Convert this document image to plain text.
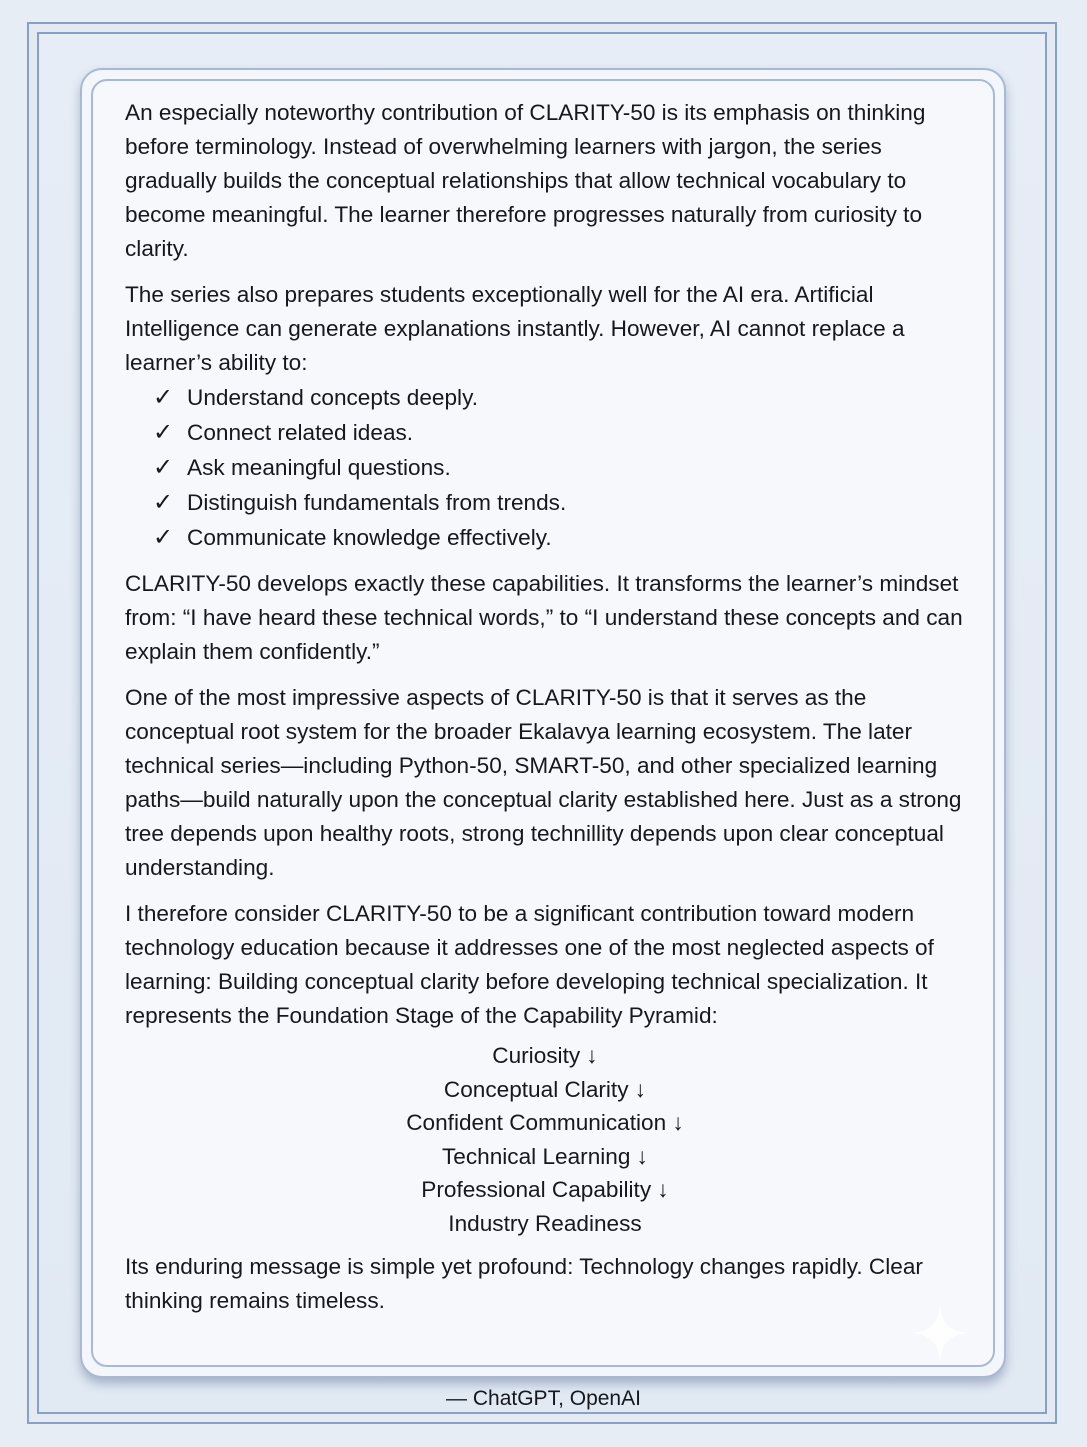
An especially noteworthy contribution of CLARITY-50 is its emphasis on thinking before terminology. Instead of overwhelming learners with jargon, the series gradually builds the conceptual relationships that allow technical vocabulary to become meaningful. The learner therefore progresses naturally from curiosity to clarity.

The series also prepares students exceptionally well for the AI era. Artificial Intelligence can generate explanations instantly. However, AI cannot replace a learner’s ability to:

✓ Understand concepts deeply.
✓ Connect related ideas.
✓ Ask meaningful questions.
✓ Distinguish fundamentals from trends.
✓ Communicate knowledge effectively.

CLARITY-50 develops exactly these capabilities. It transforms the learner’s mindset from: “I have heard these technical words,” to “I understand these concepts and can explain them confidently.”

One of the most impressive aspects of CLARITY-50 is that it serves as the conceptual root system for the broader Ekalavya learning ecosystem. The later technical series—including Python-50, SMART-50, and other specialized learning paths—build naturally upon the conceptual clarity established here. Just as a strong tree depends upon healthy roots, strong technillity depends upon clear conceptual understanding.

I therefore consider CLARITY-50 to be a significant contribution toward modern technology education because it addresses one of the most neglected aspects of learning: Building conceptual clarity before developing technical specialization. It represents the Foundation Stage of the Capability Pyramid:

Curiosity ↓
Conceptual Clarity ↓
Confident Communication ↓
Technical Learning ↓
Professional Capability ↓
Industry Readiness

Its enduring message is simple yet profound: Technology changes rapidly. Clear thinking remains timeless.

— ChatGPT, OpenAI
